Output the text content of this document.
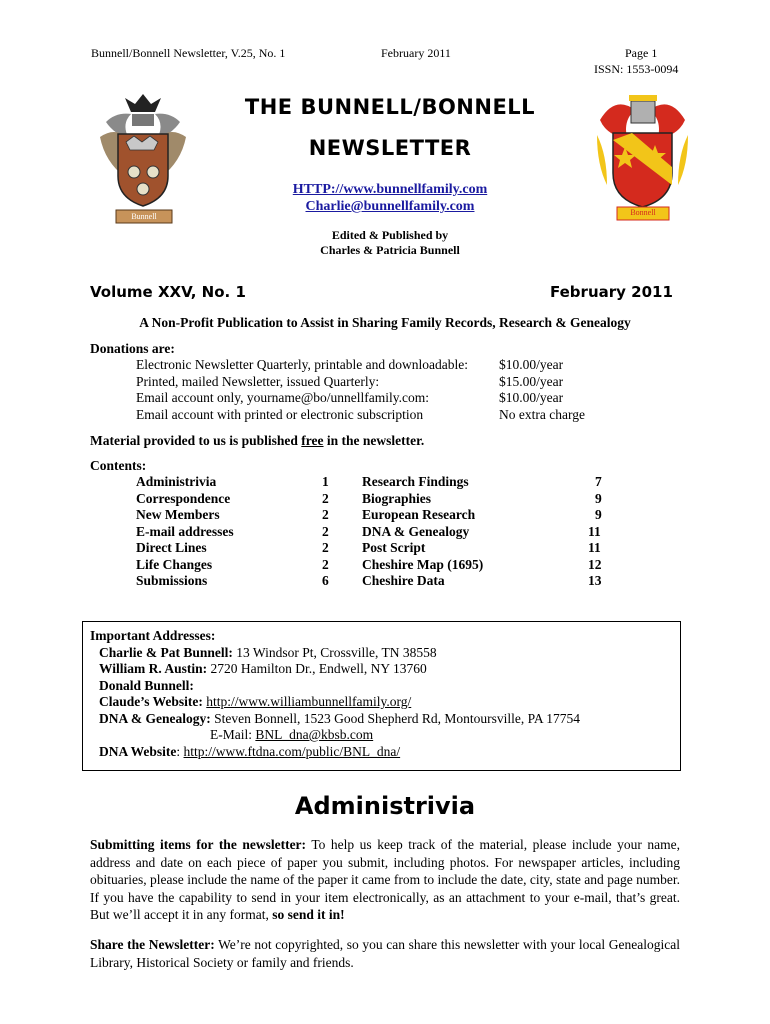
Bunnell/Bonnell Newsletter, V.25, No. 1	February 2011	Page 1
ISSN: 1553-0094
Bunnell	Bonnell
THE BUNNELL/BONNELL
NEWSLETTER
HTTP://www.bunnellfamily.com
Charlie@bunnellfamily.com
Edited & Published by
Charles & Patricia Bunnell
Volume XXV, No. 1	February 2011
A Non-Profit Publication to Assist in Sharing Family Records, Research & Genealogy
Donations are:
Electronic Newsletter Quarterly, printable and downloadable: $10.00/year
Printed, mailed Newsletter, issued Quarterly:	$15.00/year
Email account only, yourname@bo/unnellfamily.com:	$10.00/year
Email account with printed or electronic subscription	No extra charge
Material provided to us is published free in the newsletter.
Contents:
Administrivia	1
Correspondence	2
New Members	2
E-mail addresses	2
Direct Lines	2
Life Changes	2
Submissions	6
Research Findings	7
Biographies	9
European Research	9
DNA & Genealogy	11
Post Script	11
Cheshire Map (1695)	12
Cheshire Data	13
Important Addresses:
Charlie & Pat Bunnell: 13 Windsor Pt, Crossville, TN 38558
William R. Austin: 2720 Hamilton Dr., Endwell, NY 13760
Donald Bunnell:
Claude’s Website: http://www.williambunnellfamily.org/
DNA & Genealogy: Steven Bonnell, 1523 Good Shepherd Rd, Montoursville, PA 17754
E-Mail: BNL_dna@kbsb.com
DNA Website: http://www.ftdna.com/public/BNL_dna/
Administrivia
Submitting items for the newsletter: To help us keep track of the material, please include your name, address and date on each piece of paper you submit, including photos. For newspaper articles, including obituaries, please include the name of the paper it came from to include the date, city, state and page number. If you have the capability to send in your item electronically, as an attachment to your e-mail, that’s great. But we’ll accept it in any format, so send it in!
Share the Newsletter: We’re not copyrighted, so you can share this newsletter with your local Genealogical Library, Historical Society or family and friends.
